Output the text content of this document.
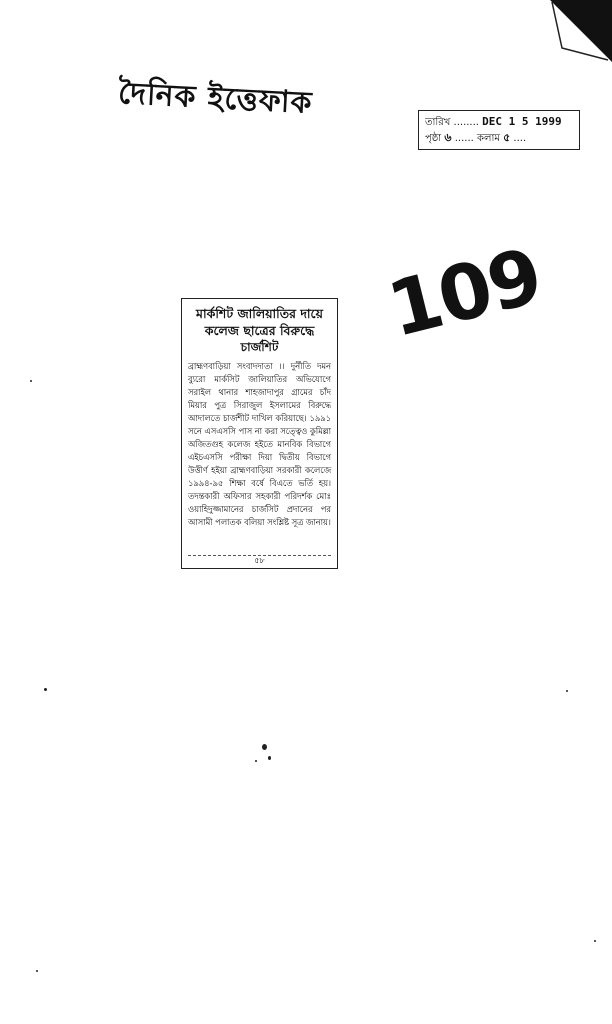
দৈনিক ইত্তেফাক
তারিখ ........ DEC 1 5 1999
পৃষ্ঠা ৬ ...... কলাম ৫ ....
109
মার্কশিট জালিয়াতির দায়ে কলেজ ছাত্রের বিরুদ্ধে
চার্জশিট
ব্রাহ্মণবাড়িয়া সংবাদদাতা ।। দুর্নীতি দমন ব্যুরো মার্কসিট জালিয়াতির অভিযোগে সরাইল থানার শাহজাদাপুর গ্রামের চাঁদ মিয়ার পুত্র সিরাজুল ইসলামের বিরুদ্ধে আদালতে চার্জশীট দাখিল করিয়াছে। ১৯৯১ সনে এসএসসি পাস না করা সত্ত্বেও কুমিল্লা অজিতগুহ কলেজ হইতে মানবিক বিভাগে এইচএসসি পরীক্ষা দিয়া দ্বিতীয় বিভাগে উত্তীর্ণ হইয়া ব্রাহ্মণবাড়িয়া সরকারী কলেজে ১৯৯৪-৯৫ শিক্ষা বর্ষে বিএতে ভর্তি হয়। তদন্তকারী অফিসার সহকারী পরিদর্শক মোঃ ওয়াহিদুজ্জামানের চার্জসিট প্রদানের পর আসামী পলাতক বলিয়া সংশ্লিষ্ট সূত্র জানায়।
৫৮
